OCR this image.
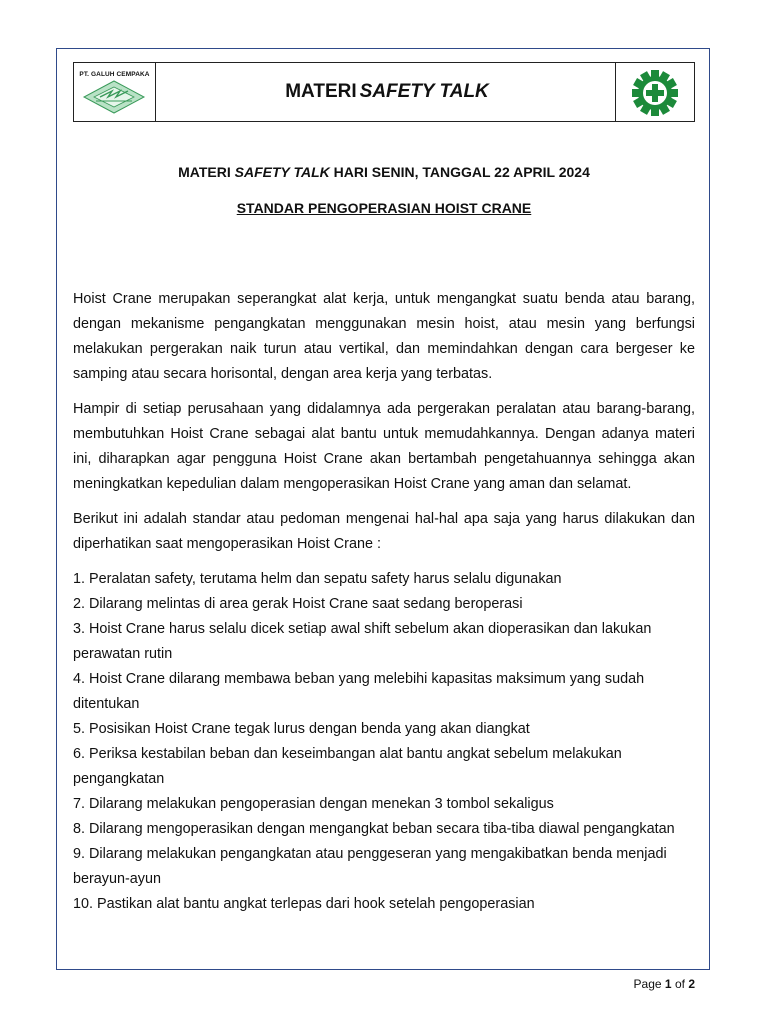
PT. GALUH CEMPAKA
MATERI SAFETY TALK
MATERI SAFETY TALK HARI SENIN, TANGGAL 22 APRIL 2024
STANDAR PENGOPERASIAN HOIST CRANE

Hoist Crane merupakan seperangkat alat kerja, untuk mengangkat suatu benda atau barang, dengan mekanisme pengangkatan menggunakan mesin hoist, atau mesin yang berfungsi melakukan pergerakan naik turun atau vertikal, dan memindahkan dengan cara bergeser ke samping atau secara horisontal, dengan area kerja yang terbatas.

Hampir di setiap perusahaan yang didalamnya ada pergerakan peralatan atau barang-barang, membutuhkan Hoist Crane sebagai alat bantu untuk memudahkannya. Dengan adanya materi ini, diharapkan agar pengguna Hoist Crane akan bertambah pengetahuannya sehingga akan meningkatkan kepedulian dalam mengoperasikan Hoist Crane yang aman dan selamat.

Berikut ini adalah standar atau pedoman mengenai hal-hal apa saja yang harus dilakukan dan diperhatikan saat mengoperasikan Hoist Crane :

1. Peralatan safety, terutama helm dan sepatu safety harus selalu digunakan
2. Dilarang melintas di area gerak Hoist Crane saat sedang beroperasi
3. Hoist Crane harus selalu dicek setiap awal shift sebelum akan dioperasikan dan lakukan perawatan rutin
4. Hoist Crane dilarang membawa beban yang melebihi kapasitas maksimum yang sudah ditentukan
5. Posisikan Hoist Crane tegak lurus dengan benda yang akan diangkat
6. Periksa kestabilan beban dan keseimbangan alat bantu angkat sebelum melakukan pengangkatan
7. Dilarang melakukan pengoperasian dengan menekan 3 tombol sekaligus
8. Dilarang mengoperasikan dengan mengangkat beban secara tiba-tiba diawal pengangkatan
9. Dilarang melakukan pengangkatan atau penggeseran yang mengakibatkan benda menjadi berayun-ayun
10. Pastikan alat bantu angkat terlepas dari hook setelah pengoperasian
Page 1 of 2
